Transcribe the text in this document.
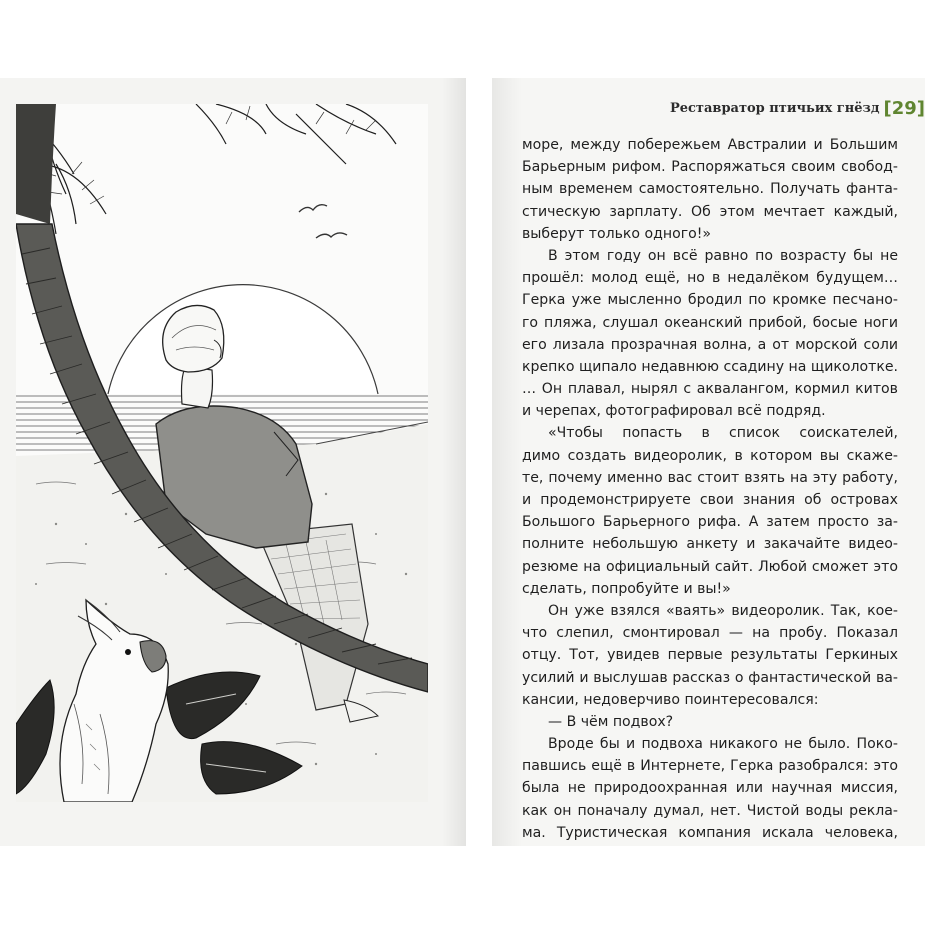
Реставратор птичьих гнёзд [29]
море, между побережьем Австралии и Большим
Барьерным рифом. Распоряжаться своим свобод-
ным временем самостоятельно. Получать фанта-
стическую зарплату. Об этом мечтает каждый,
выберут только одного!»
В этом году он всё равно по возрасту бы не
прошёл: молод ещё, но в недалёком будущем…
Герка уже мысленно бродил по кромке песчано-
го пляжа, слушал океанский прибой, босые ноги
его лизала прозрачная волна, а от морской соли
крепко щипало недавнюю ссадину на щиколотке.
… Он плавал, нырял с аквалангом, кормил китов
и черепах, фотографировал всё подряд.
«Чтобы попасть в список соискателей,
димо создать видеоролик, в котором вы скаже-
те, почему именно вас стоит взять на эту работу,
и продемонстрируете свои знания об островах
Большого Барьерного рифа. А затем просто за-
полните небольшую анкету и закачайте видео-
резюме на официальный сайт. Любой сможет это
сделать, попробуйте и вы!»
Он уже взялся «ваять» видеоролик. Так, кое-
что слепил, смонтировал — на пробу. Показал
отцу. Тот, увидев первые результаты Геркиных
усилий и выслушав рассказ о фантастической ва-
кансии, недоверчиво поинтересовался:
— В чём подвох?
Вроде бы и подвоха никакого не было. Поко-
павшись ещё в Интернете, Герка разобрался: это
была не природоохранная или научная миссия,
как он поначалу думал, нет. Чистой воды рекла-
ма. Туристическая компания искала человека,
